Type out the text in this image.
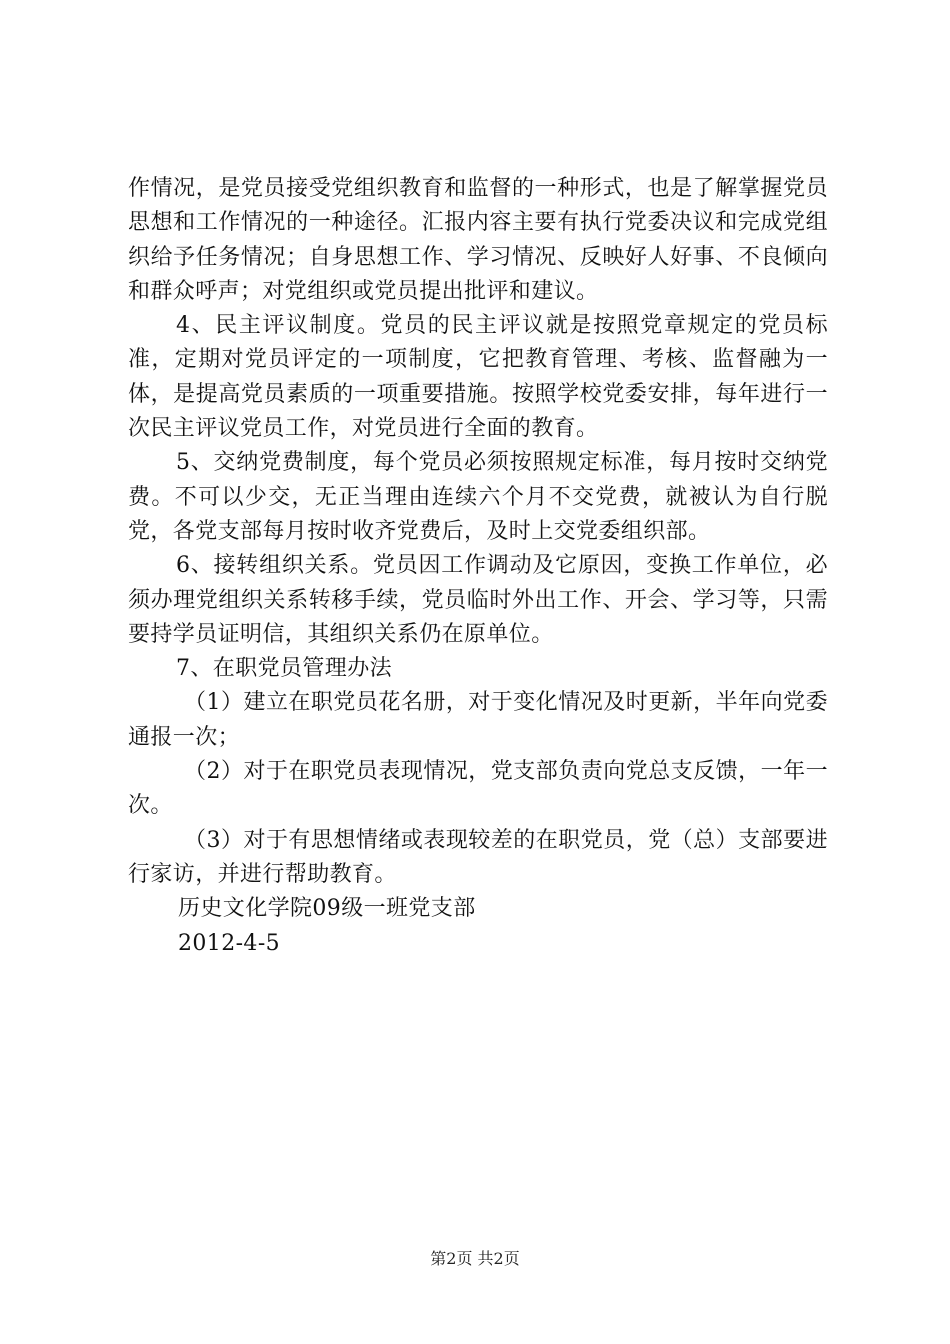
作情况，是党员接受党组织教育和监督的一种形式，也是了解掌握党员思想和工作情况的一种途径。汇报内容主要有执行党委决议和完成党组织给予任务情况；自身思想工作、学习情况、反映好人好事、不良倾向和群众呼声；对党组织或党员提出批评和建议。

4、民主评议制度。党员的民主评议就是按照党章规定的党员标准，定期对党员评定的一项制度，它把教育管理、考核、监督融为一体，是提高党员素质的一项重要措施。按照学校党委安排，每年进行一次民主评议党员工作，对党员进行全面的教育。

5、交纳党费制度，每个党员必须按照规定标准，每月按时交纳党费。不可以少交，无正当理由连续六个月不交党费，就被认为自行脱党，各党支部每月按时收齐党费后，及时上交党委组织部。

6、接转组织关系。党员因工作调动及它原因，变换工作单位，必须办理党组织关系转移手续，党员临时外出工作、开会、学习等，只需要持学员证明信，其组织关系仍在原单位。

7、在职党员管理办法

（1）建立在职党员花名册，对于变化情况及时更新，半年向党委通报一次；

（2）对于在职党员表现情况，党支部负责向党总支反馈，一年一次。

（3）对于有思想情绪或表现较差的在职党员，党（总）支部要进行家访，并进行帮助教育。

历史文化学院09级一班党支部

2012-4-5

第2页 共2页
